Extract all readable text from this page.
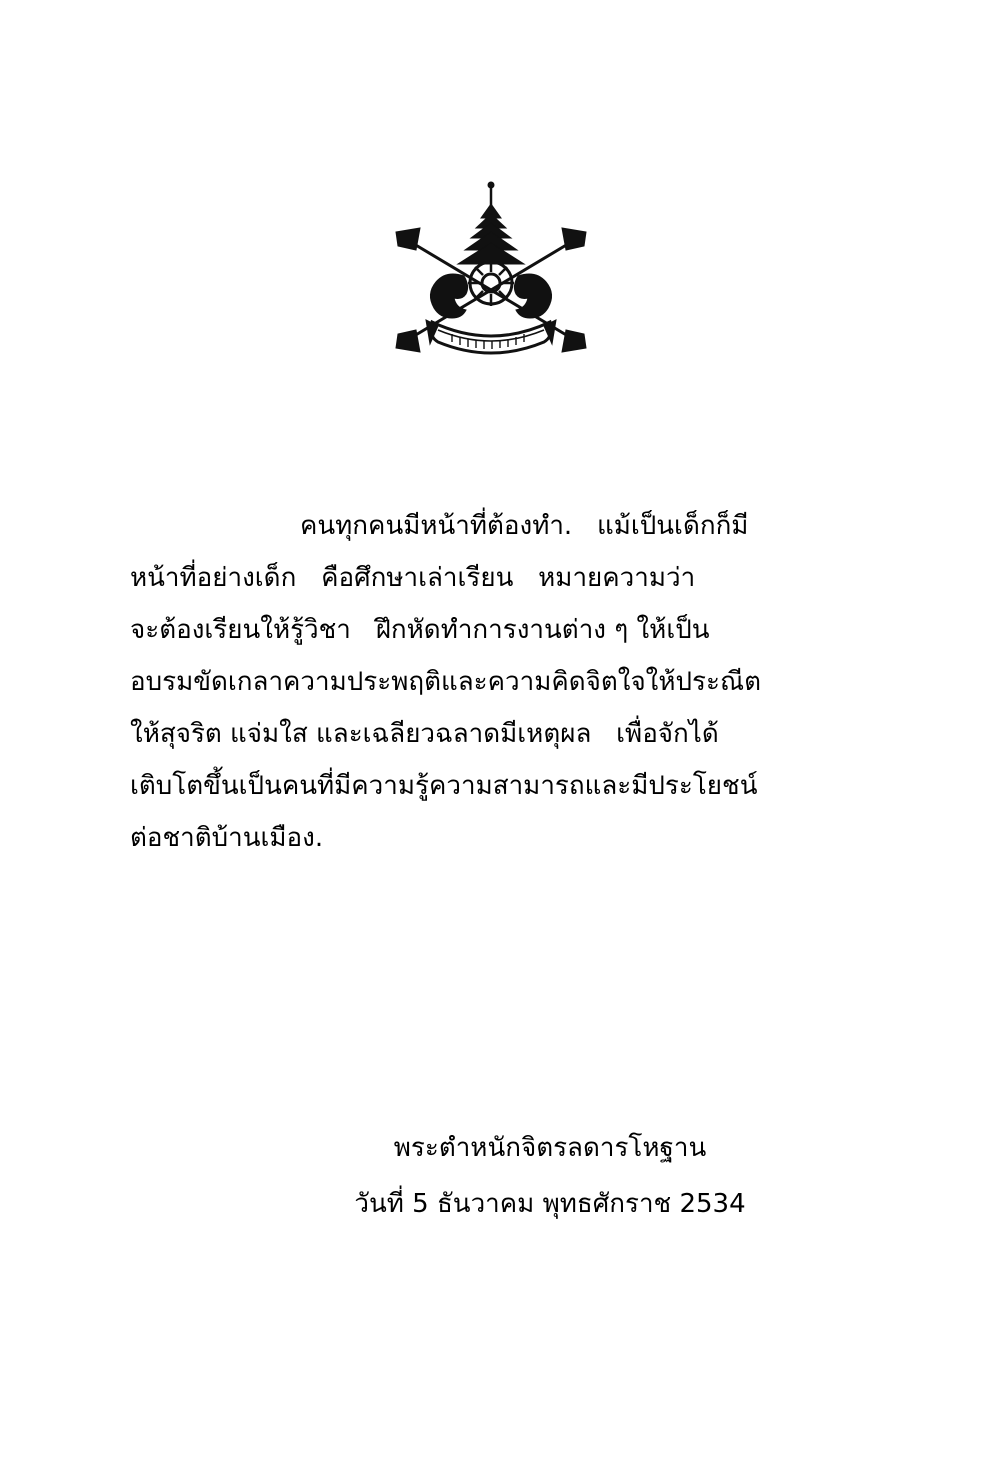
คนทุกคนมีหน้าที่ต้องทำ.   แม้เป็นเด็กก็มี
หน้าที่อย่างเด็ก   คือศึกษาเล่าเรียน   หมายความว่า
จะต้องเรียนให้รู้วิชา   ฝึกหัดทำการงานต่าง ๆ ให้เป็น
อบรมขัดเกลาความประพฤติและความคิดจิตใจให้ประณีต
ให้สุจริต แจ่มใส และเฉลียวฉลาดมีเหตุผล   เพื่อจักได้
เติบโตขึ้นเป็นคนที่มีความรู้ความสามารถและมีประโยชน์
ต่อชาติบ้านเมือง.
พระตำหนักจิตรลดารโหฐาน
วันที่ 5 ธันวาคม พุทธศักราช 2534
